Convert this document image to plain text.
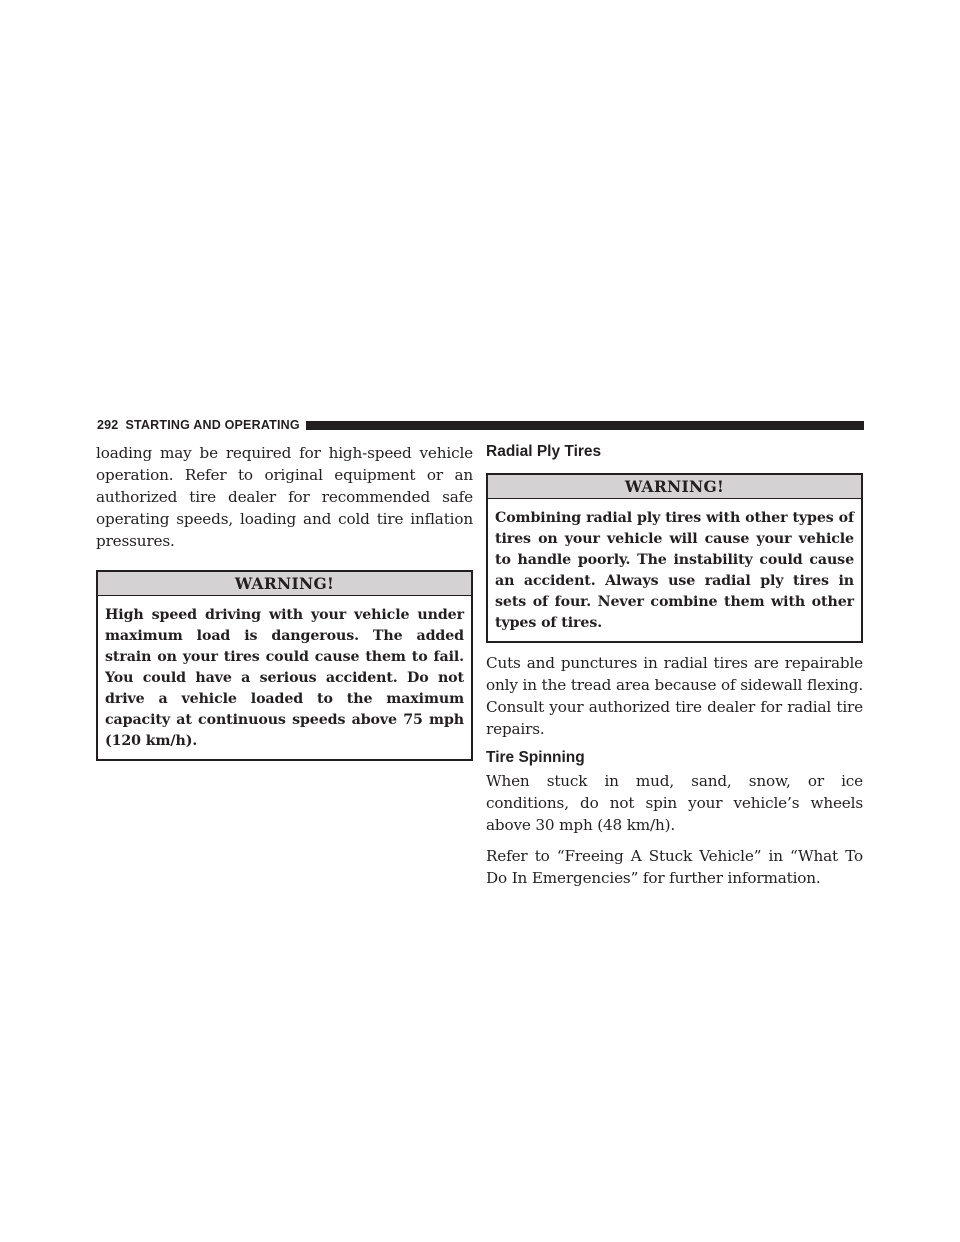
292 STARTING AND OPERATING

loading may be required for high-speed vehicle operation. Refer to original equipment or an authorized tire dealer for recommended safe operating speeds, loading and cold tire inflation pressures.

WARNING!

High speed driving with your vehicle under maximum load is dangerous. The added strain on your tires could cause them to fail. You could have a serious accident. Do not drive a vehicle loaded to the maximum capacity at continuous speeds above 75 mph (120 km/h).

Radial Ply Tires
WARNING!

Combining radial ply tires with other types of tires on your vehicle will cause your vehicle to handle poorly. The instability could cause an accident. Always use radial ply tires in sets of four. Never combine them with other types of tires.

Cuts and punctures in radial tires are repairable only in the tread area because of sidewall flexing. Consult your authorized tire dealer for radial tire repairs.

Tire Spinning

When stuck in mud, sand, snow, or ice conditions, do not spin your vehicle’s wheels above 30 mph (48 km/h).

Refer to “Freeing A Stuck Vehicle” in “What To Do In Emergencies” for further information.
